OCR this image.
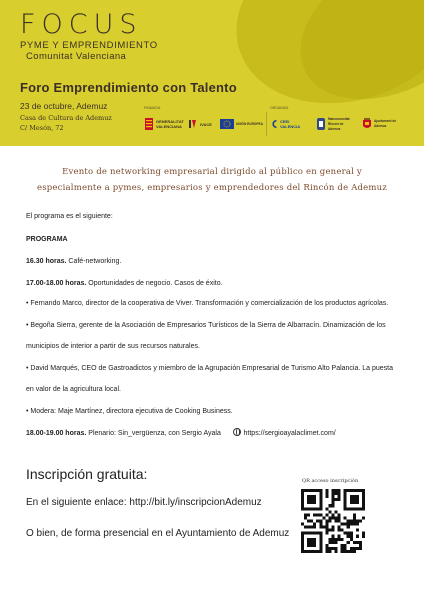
FOCUS
PYME Y EMPRENDIMIENTO
Comunitat Valenciana
Foro Emprendimiento con Talento
23 de octubre, Ademuz
Casa de Cultura de Ademuz
C/ Mesón, 72
FINANCIA	ORGANIZA
GENERALITAT VALENCIANA	IVACE	UNIÓN EUROPEA	CEEI VALENCIA
Mancomunitat Rincón de Ademuz
Ajuntament de Ademuz
Evento de networking empresarial dirigido al público en general y
especialmente a pymes, empresarios y emprendedores del Rincón de Ademuz

El programa es el siguiente:

PROGRAMA

16.30 horas. Café-networking.

17.00-18.00 horas. Oportunidades de negocio. Casos de éxito.

• Fernando Marco, director de la cooperativa de Viver. Transformación y comercialización de los productos agrícolas.

• Begoña Sierra, gerente de la Asociación de Empresarios Turísticos de la Sierra de Albarracín. Dinamización de los

municipios de interior a partir de sus recursos naturales.

• David Marqués, CEO de Gastroadictos y miembro de la Agrupación Empresarial de Turismo Alto Palancia. La puesta

en valor de la agricultura local.

• Modera: Maje Martínez, directora ejecutiva de Cooking Business.

18.00-19.00 horas. Plenario: Sin_vergüenza, con Sergio Ayala	https://sergioayalaclimet.com/

Inscripción gratuita:
En el siguiente enlace: http://bit.ly/inscripcionAdemuz
O bien, de forma presencial en el Ayuntamiento de Ademuz
QR acceso inscripción
